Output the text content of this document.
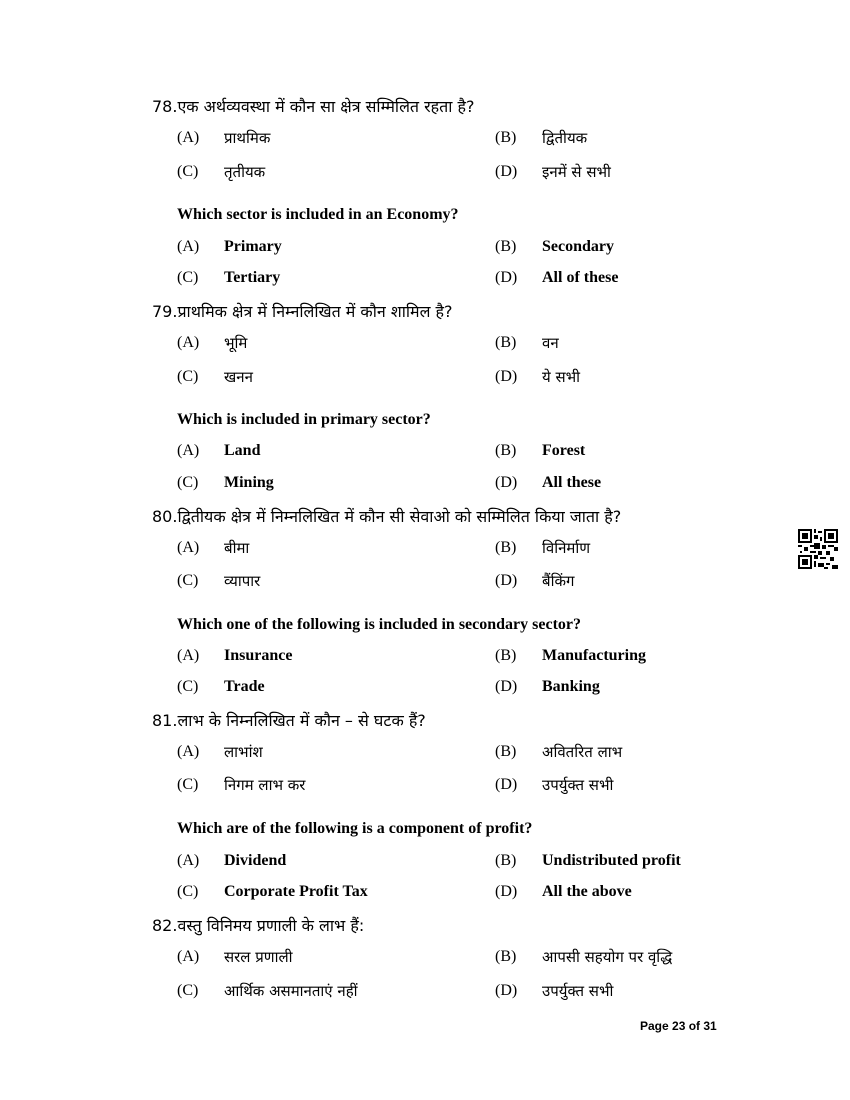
78.एक अर्थव्यवस्था में कौन सा क्षेत्र सम्मिलित रहता है?
(A) प्राथमिक	(B) द्वितीयक
(C) तृतीयक	(D) इनमें से सभी
Which sector is included in an Economy?
(A) Primary	(B) Secondary
(C) Tertiary	(D) All of these
79.प्राथमिक क्षेत्र में निम्नलिखित में कौन शामिल है?
(A) भूमि	(B) वन
(C) खनन	(D) ये सभी
Which is included in primary sector?
(A) Land	(B) Forest
(C) Mining	(D) All these
80.द्वितीयक क्षेत्र में निम्नलिखित में कौन सी सेवाओ को सम्मिलित किया जाता है?
(A) बीमा	(B) विनिर्माण
(C) व्यापार	(D) बैंकिंग
Which one of the following is included in secondary sector?
(A) Insurance	(B) Manufacturing
(C) Trade	(D) Banking
81.लाभ के निम्नलिखित में कौन – से घटक हैं?
(A) लाभांश	(B) अवितरित लाभ
(C) निगम लाभ कर	(D) उपर्युक्त सभी
Which are of the following is a component of profit?
(A) Dividend	(B) Undistributed profit
(C) Corporate Profit Tax	(D) All the above
82.वस्तु विनिमय प्रणाली के लाभ हैं:
(A) सरल प्रणाली	(B) आपसी सहयोग पर वृद्धि
(C) आर्थिक असमानताएं नहीं	(D) उपर्युक्त सभी
Page 23 of 31
